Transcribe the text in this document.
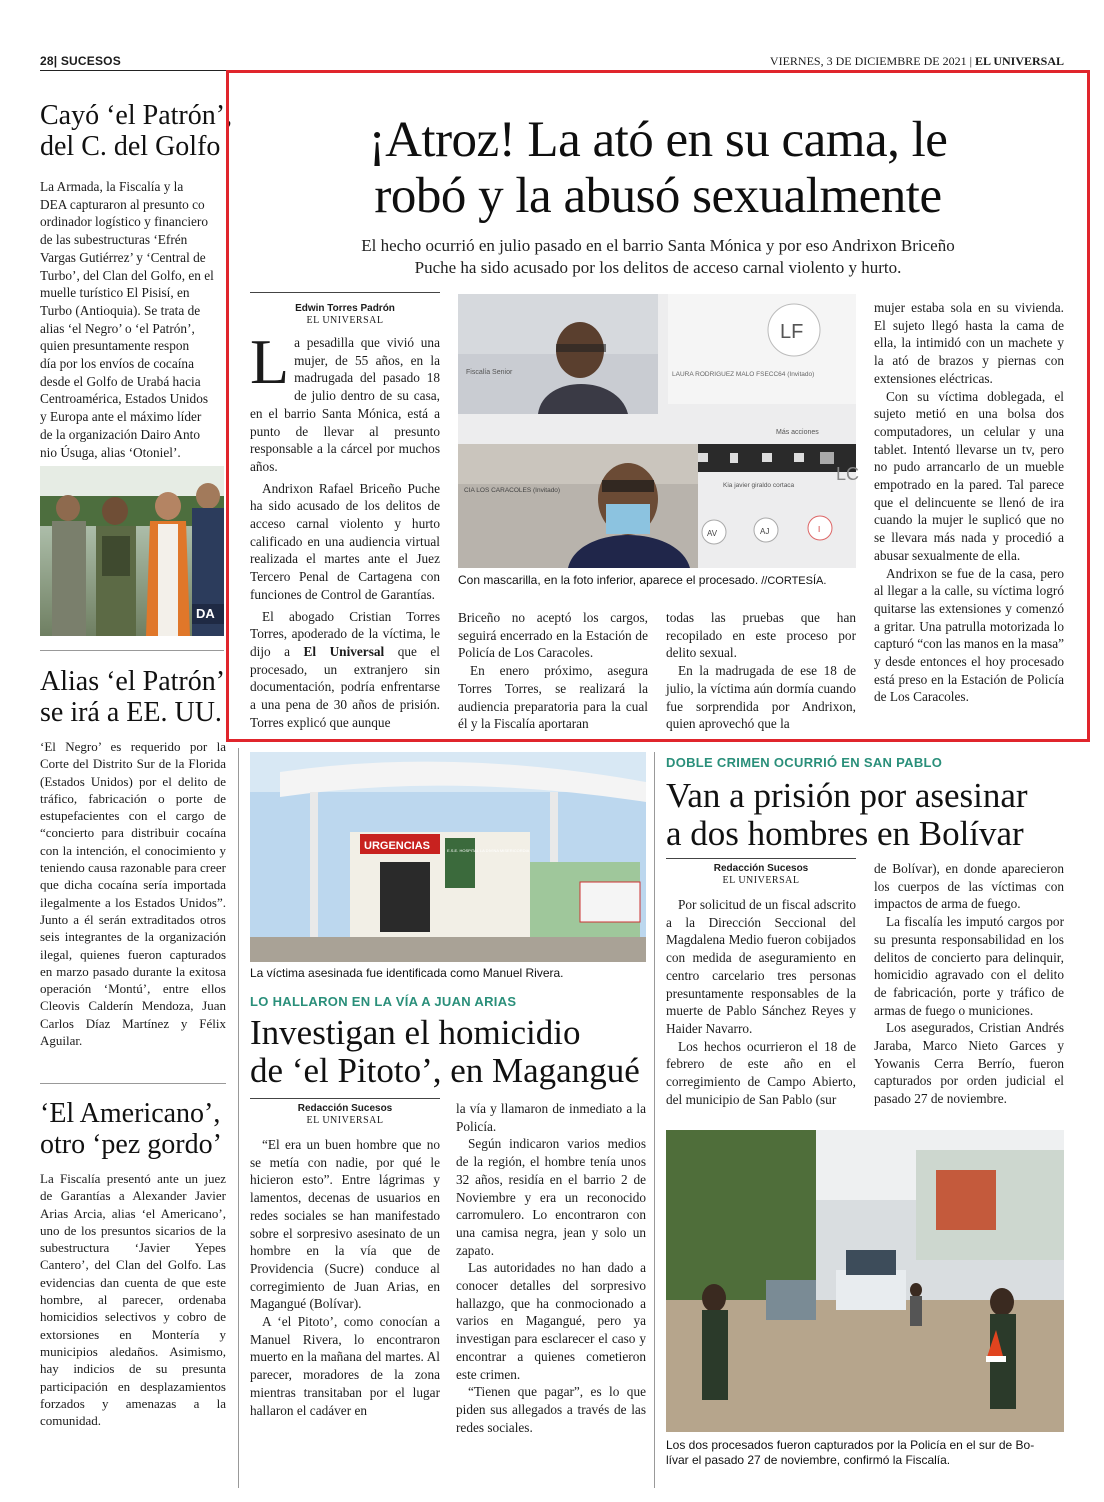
28| SUCESOS	VIERNES, 3 DE DICIEMBRE DE 2021 | EL UNIVERSAL
Cayó ‘el Patrón’,
del C. del Golfo
La Armada, la Fiscalía y la
DEA capturaron al presunto co
ordinador logístico y financiero
de las subestructuras ‘Efrén
Vargas Gutiérrez’ y ‘Central de
Turbo’, del Clan del Golfo, en el
muelle turístico El Pisisí, en
Turbo (Antioquia). Se trata de
alias ‘el Negro’ o ‘el Patrón’,
quien presuntamente respon
día por los envíos de cocaína
desde el Golfo de Urabá hacia
Centroamérica, Estados Unidos
y Europa ante el máximo líder
de la organización Dairo Anto
nio Úsuga, alias ‘Otoniel’.
DA
Alias ‘el Patrón’
se irá a EE. UU.

‘El Negro’ es requerido por la Corte del Distrito Sur de la Florida (Estados Unidos) por el delito de tráfico, fabricación o porte de estupefacientes con el cargo de “concierto para distribuir cocaína con la intención, el conocimiento y teniendo causa razonable para creer que dicha cocaína sería importada ilegalmente a los Estados Unidos”. Junto a él serán extraditados otros seis integrantes de la organización ilegal, quienes fueron capturados en marzo pasado durante la exitosa operación ‘Montú’, entre ellos Cleovis Calderín Mendoza, Juan Carlos Díaz Martínez y Félix Aguilar.

‘El Americano’,
otro ‘pez gordo’

La Fiscalía presentó ante un juez de Garantías a Alexander Javier Arias Arcia, alias ‘el Americano’, uno de los presuntos sicarios de la subestructura ‘Javier Yepes Cantero’, del Clan del Golfo. Las evidencias dan cuenta de que este hombre, al parecer, ordenaba homicidios selectivos y cobro de extorsiones en Montería y municipios aledaños. Asimismo, hay indicios de su presunta participación en desplazamientos forzados y amenazas a la comunidad.

¡Atroz! La ató en su cama, le
robó y la abusó sexualmente
El hecho ocurrió en julio pasado en el barrio Santa Mónica y por eso Andrixon Briceño
Puche ha sido acusado por los delitos de acceso carnal violento y hurto.
Edwin Torres Padrón
EL UNIVERSAL

La pesadilla que vivió una mujer, de 55 años, en la madrugada del pasado 18 de julio dentro de su casa, en el barrio Santa Mónica, está a punto de llevar al presunto responsable a la cárcel por muchos años.

Andrixon Rafael Briceño Puche ha sido acusado de los delitos de acceso carnal violento y hurto calificado en una audiencia virtual realizada el martes ante el Juez Tercero Penal de Cartagena con funciones de Control de Garantías.

El abogado Cristian Torres Torres, apoderado de la víctima, le dijo a El Universal que el procesado, un extranjero sin documentación, podría enfrentarse a una pena de 30 años de prisión. Torres explicó que aunque

Fiscalía Senior
LF
LAURA RODRIGUEZ MALO FSECC64 (Invitado)
Más acciones
Kia javier giraldo cortaca
CIA LOS CARACOLES (Invitado)
AV	AJ	I
LC
Con mascarilla, en la foto inferior, aparece el procesado. //CORTESÍA.

Briceño no aceptó los cargos, seguirá encerrado en la Estación de Policía de Los Caracoles.

En enero próximo, asegura Torres Torres, se realizará la audiencia preparatoria para la cual él y la Fiscalía aportaran

todas las pruebas que han recopilado en este proceso por delito sexual.

En la madrugada de ese 18 de julio, la víctima aún dormía cuando fue sorprendida por Andrixon, quien aprovechó que la

mujer estaba sola en su vivienda. El sujeto llegó hasta la cama de ella, la intimidó con un machete y la ató de brazos y piernas con extensiones eléctricas.

Con su víctima doblegada, el sujeto metió en una bolsa dos computadores, un celular y una tablet. Intentó llevarse un tv, pero no pudo arrancarlo de un mueble empotrado en la pared. Tal parece que el delincuente se llenó de ira cuando la mujer le suplicó que no se llevara más nada y procedió a abusar sexualmente de ella.

Andrixon se fue de la casa, pero al llegar a la calle, su víctima logró quitarse las extensiones y comenzó a gritar. Una patrulla motorizada lo capturó “con las manos en la masa” y desde entonces el hoy procesado está preso en la Estación de Policía de Los Caracoles.

URGENCIAS	E.S.E. HOSPITAL LA DIVINA MISERICORDIA
La víctima asesinada fue identificada como Manuel Rivera.
LO HALLARON EN LA VÍA A JUAN ARIAS
Investigan el homicidio
de ‘el Pitoto’, en Magangué
Redacción Sucesos
EL UNIVERSAL

“El era un buen hombre que no se metía con nadie, por qué le hicieron esto”. Entre lágrimas y lamentos, decenas de usuarios en redes sociales se han manifestado sobre el sorpresivo asesinato de un hombre en la vía que de Providencia (Sucre) conduce al corregimiento de Juan Arias, en Magangué (Bolívar).

A ‘el Pitoto’, como conocían a Manuel Rivera, lo encontraron muerto en la mañana del martes. Al parecer, moradores de la zona mientras transitaban por el lugar hallaron el cadáver en

la vía y llamaron de inmediato a la Policía.

Según indicaron varios medios de la región, el hombre tenía unos 32 años, residía en el barrio 2 de Noviembre y era un reconocido carromulero. Lo encontraron con una camisa negra, jean y solo un zapato.

Las autoridades no han dado a conocer detalles del sorpresivo hallazgo, que ha conmocionado a varios en Magangué, pero ya investigan para esclarecer el caso y encontrar a quienes cometieron este crimen.

“Tienen que pagar”, es lo que piden sus allegados a través de las redes sociales.

DOBLE CRIMEN OCURRIÓ EN SAN PABLO
Van a prisión por asesinar
a dos hombres en Bolívar
Redacción Sucesos
EL UNIVERSAL

Por solicitud de un fiscal adscrito a la Dirección Seccional del Magdalena Medio fueron cobijados con medida de aseguramiento en centro carcelario tres personas presuntamente responsables de la muerte de Pablo Sánchez Reyes y Haider Navarro.

Los hechos ocurrieron el 18 de febrero de este año en el corregimiento de Campo Abierto, del municipio de San Pablo (sur

de Bolívar), en donde aparecieron los cuerpos de las víctimas con impactos de arma de fuego.

La fiscalía les imputó cargos por su presunta responsabilidad en los delitos de concierto para delinquir, homicidio agravado con el delito de fabricación, porte y tráfico de armas de fuego o municiones.

Los asegurados, Cristian Andrés Jaraba, Marco Nieto Garces y Yowanis Cerra Berrío, fueron capturados por orden judicial el pasado 27 de noviembre.

Los dos procesados fueron capturados por la Policía en el sur de Bo-
lívar el pasado 27 de noviembre, confirmó la Fiscalía.
